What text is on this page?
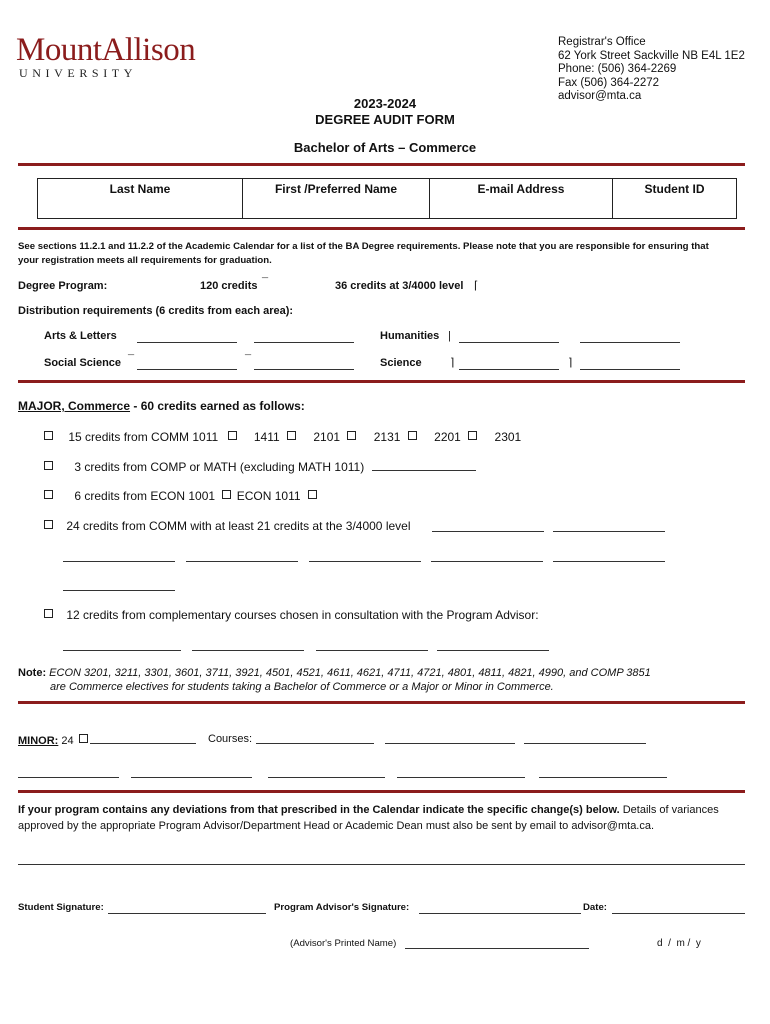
MountAllison
UNIVERSITY
Registrar's Office
62 York Street Sackville NB E4L 1E2
Phone: (506) 364-2269
Fax (506) 364-2272
advisor@mta.ca
2023-2024
DEGREE AUDIT FORM
Bachelor of Arts – Commerce
Last Name	First /Preferred Name	E-mail Address	Student ID
See sections 11.2.1 and 11.2.2 of the Academic Calendar for a list of the BA Degree requirements. Please note that you are responsible for ensuring that
your registration meets all requirements for graduation.
Degree Program:	120 credits ¯	36 credits at 3/4000 level ⌈
Distribution requirements (6 credits from each area):
Arts & Letters	Humanities ‎|
Social Science ¯	¯	Science	⌉	⌉
MAJOR, Commerce - 60 credits earned as follows:
15 credits from COMM 1011	1411	2101	2131	2201	2301
3 credits from COMP or MATH (excluding MATH 1011)
6 credits from ECON 1001 ECON 1011
24 credits from COMM with at least 21 credits at the 3/4000 level
12 credits from complementary courses chosen in consultation with the Program Advisor:
Note: ECON 3201, 3211, 3301, 3601, 3711, 3921, 4501, 4521, 4611, 4621, 4711, 4721, 4801, 4811, 4821, 4990, and COMP 3851
are Commerce electives for students taking a Bachelor of Commerce or a Major or Minor in Commerce.
MINOR: 24	Courses:
If your program contains any deviations from that prescribed in the Calendar indicate the specific change(s) below. Details of variances
approved by the appropriate Program Advisor/Department Head or Academic Dean must also be sent by email to advisor@mta.ca.
Student Signature:	Program Advisor's Signature:	Date:
(Advisor's Printed Name)	d  /  m /  y
